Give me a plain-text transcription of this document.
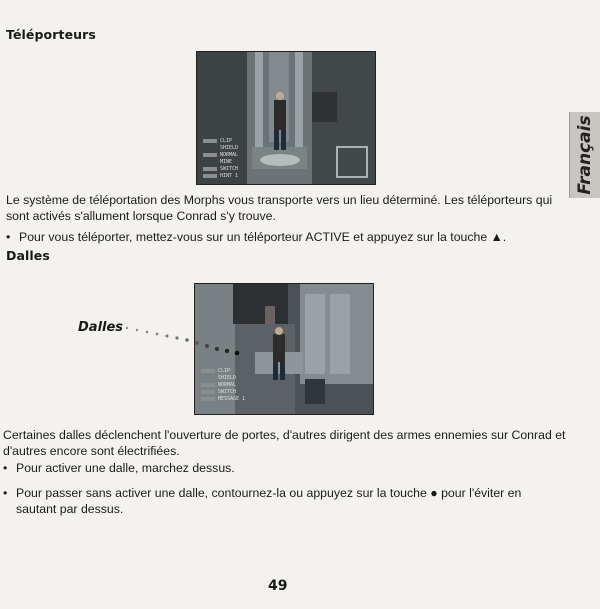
Téléporteurs
CLIP
SHIELD
NORMAL
MINE
SWITCH
HINT 1
Le système de téléportation des Morphs vous transporte vers un lieu déterminé. Les téléporteurs qui
sont activés s'allument lorsque Conrad s'y trouve.
• Pour vous téléporter, mettez-vous sur un téléporteur ACTIVE et appuyez sur la touche ▲.
Dalles
CLIP
SHIELD
NORMAL
SWITCH
MESSAGE 1
Dalles
Certaines dalles déclenchent l'ouverture de portes, d'autres dirigent des armes ennemies sur Conrad et
d'autres encore sont électrifiées.
• Pour activer une dalle, marchez dessus.
• Pour passer sans activer une dalle, contournez-la ou appuyez sur la touche ● pour l'éviter en
sautant par dessus.
Français
49
